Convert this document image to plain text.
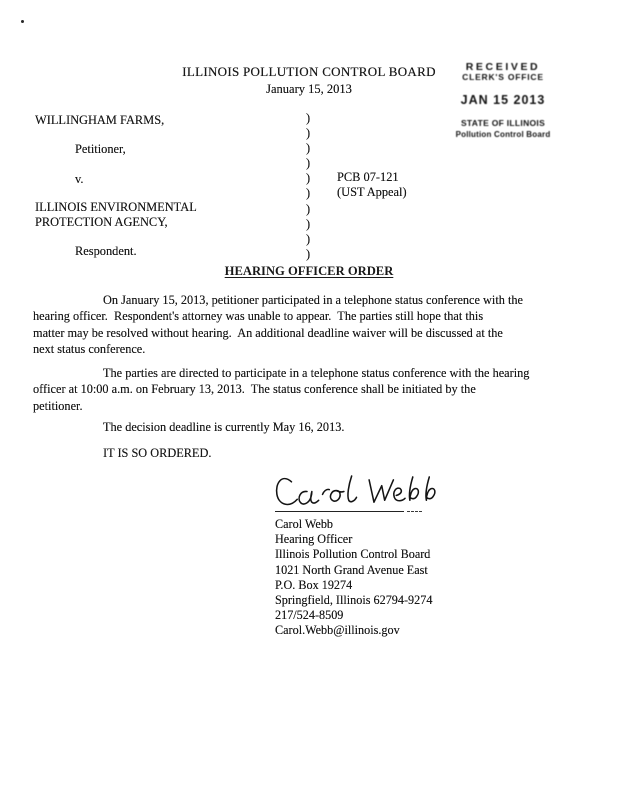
ILLINOIS POLLUTION CONTROL BOARD
January 15, 2013
RECEIVED
CLERK'S OFFICE
JAN 15 2013
STATE OF ILLINOIS
Pollution Control Board
WILLINGHAM FARMS,
Petitioner,
v.
ILLINOIS ENVIRONMENTAL
PROTECTION AGENCY,
Respondent.
)
)
)
)
)
)
)
)
)
)
PCB 07-121
(UST Appeal)
HEARING OFFICER ORDER
On January 15, 2013, petitioner participated in a telephone status conference with the
hearing officer.  Respondent's attorney was unable to appear.  The parties still hope that this
matter may be resolved without hearing.  An additional deadline waiver will be discussed at the
next status conference.
The parties are directed to participate in a telephone status conference with the hearing
officer at 10:00 a.m. on February 13, 2013.  The status conference shall be initiated by the
petitioner.
The decision deadline is currently May 16, 2013.
IT IS SO ORDERED.
Carol Webb
Hearing Officer
Illinois Pollution Control Board
1021 North Grand Avenue East
P.O. Box 19274
Springfield, Illinois 62794-9274
217/524-8509
Carol.Webb@illinois.gov
